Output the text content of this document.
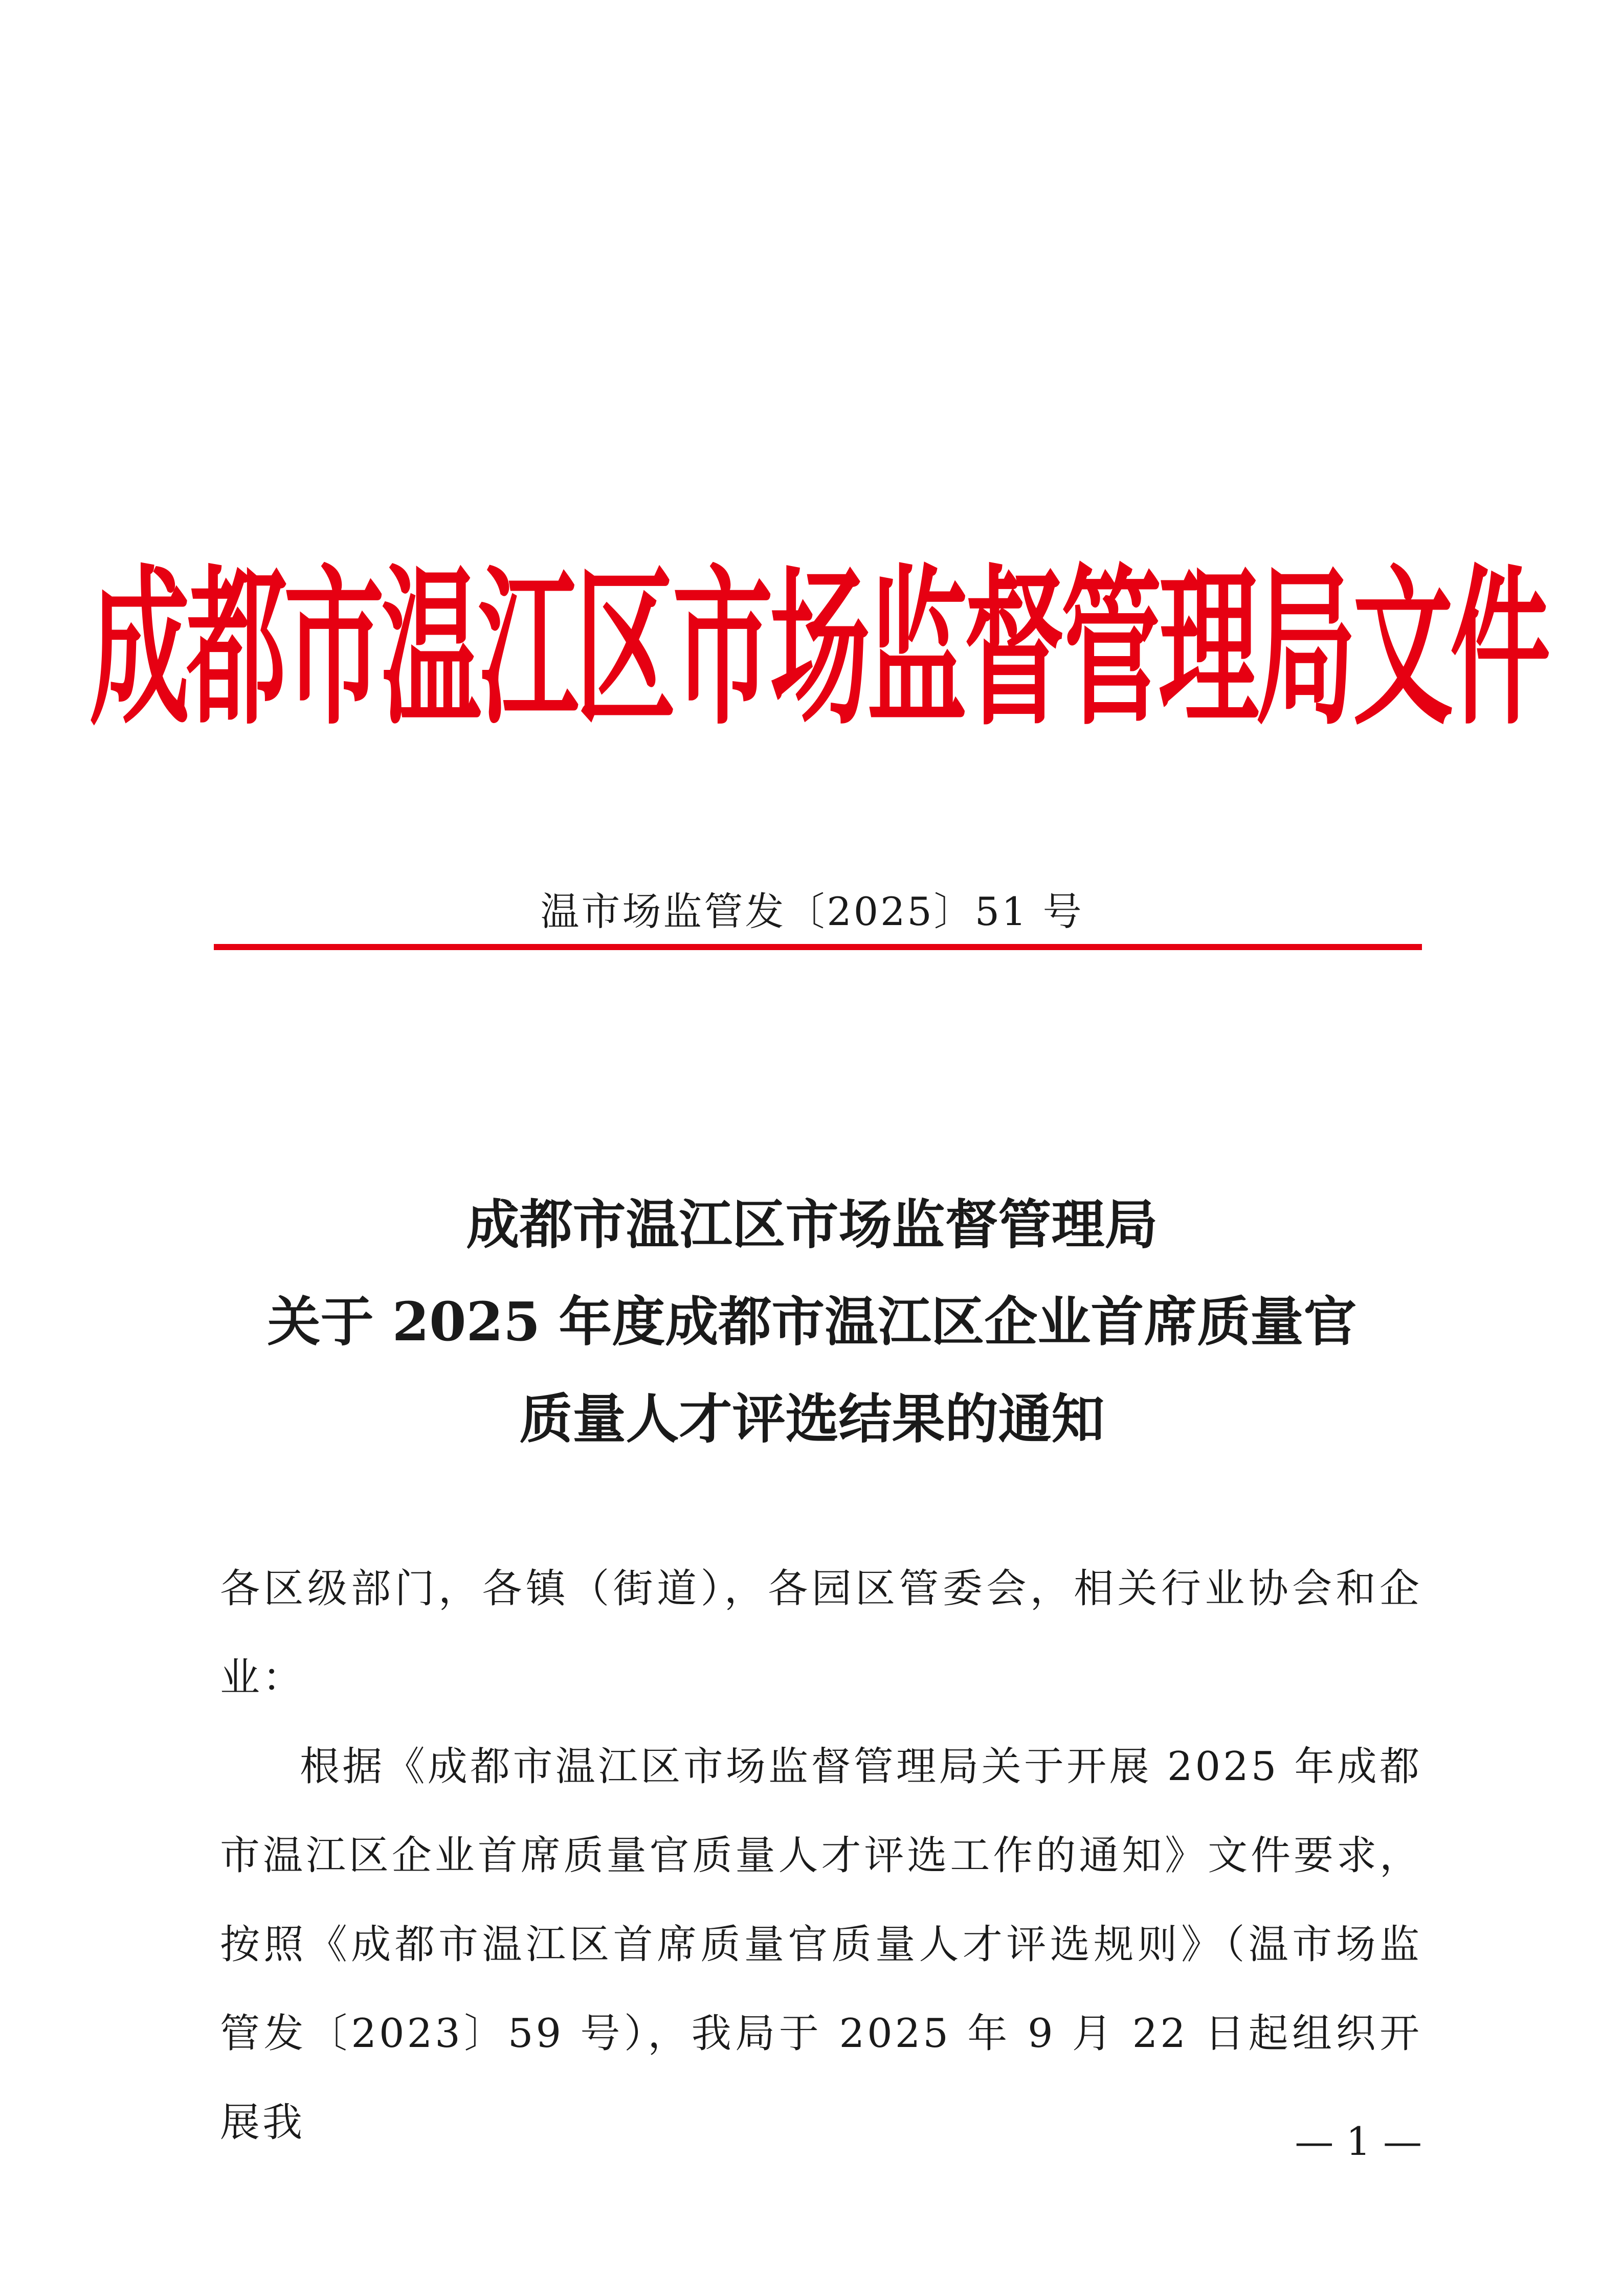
成都市温江区市场监督管理局文件
温市场监管发〔2025〕51 号
成都市温江区市场监督管理局
关于 2025 年度成都市温江区企业首席质量官
质量人才评选结果的通知

各区级部门，各镇（街道），各园区管委会，相关行业协会和企业：

根据《成都市温江区市场监督管理局关于开展 2025 年成都市温江区企业首席质量官质量人才评选工作的通知》文件要求，按照《成都市温江区首席质量官质量人才评选规则》（温市场监管发〔2023〕59 号），我局于 2025 年 9 月 22 日起组织开展我	— 1 —
